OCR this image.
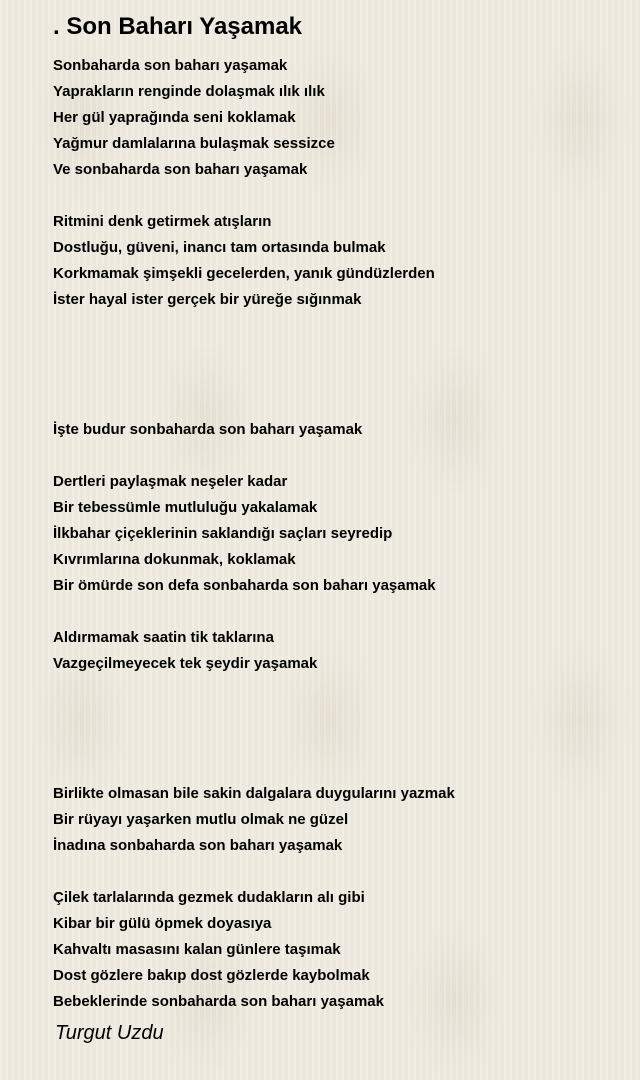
. Son Baharı Yaşamak
Sonbaharda son baharı yaşamak
Yaprakların renginde dolaşmak ılık ılık
Her gül yaprağında seni koklamak
Yağmur damlalarına bulaşmak sessizce
Ve sonbaharda son baharı yaşamak
Ritmini denk getirmek atışların
Dostluğu, güveni, inancı tam ortasında bulmak
Korkmamak şimşekli gecelerden, yanık gündüzlerden
İster hayal ister gerçek bir yüreğe sığınmak
İşte budur sonbaharda son baharı yaşamak
Dertleri paylaşmak neşeler kadar
Bir tebessümle mutluluğu yakalamak
İlkbahar çiçeklerinin saklandığı saçları seyredip
Kıvrımlarına dokunmak, koklamak
Bir ömürde son defa sonbaharda son baharı yaşamak
Aldırmamak saatin tik taklarına
Vazgeçilmeyecek tek şeydir yaşamak
Birlikte olmasan bile sakin dalgalara duygularını yazmak
Bir rüyayı yaşarken mutlu olmak ne güzel
İnadına sonbaharda son baharı yaşamak
Çilek tarlalarında gezmek dudakların alı gibi
Kibar bir gülü öpmek doyasıya
Kahvaltı masasını kalan günlere taşımak
Dost gözlere bakıp dost gözlerde kaybolmak
Bebeklerinde sonbaharda son baharı yaşamak
Turgut Uzdu
